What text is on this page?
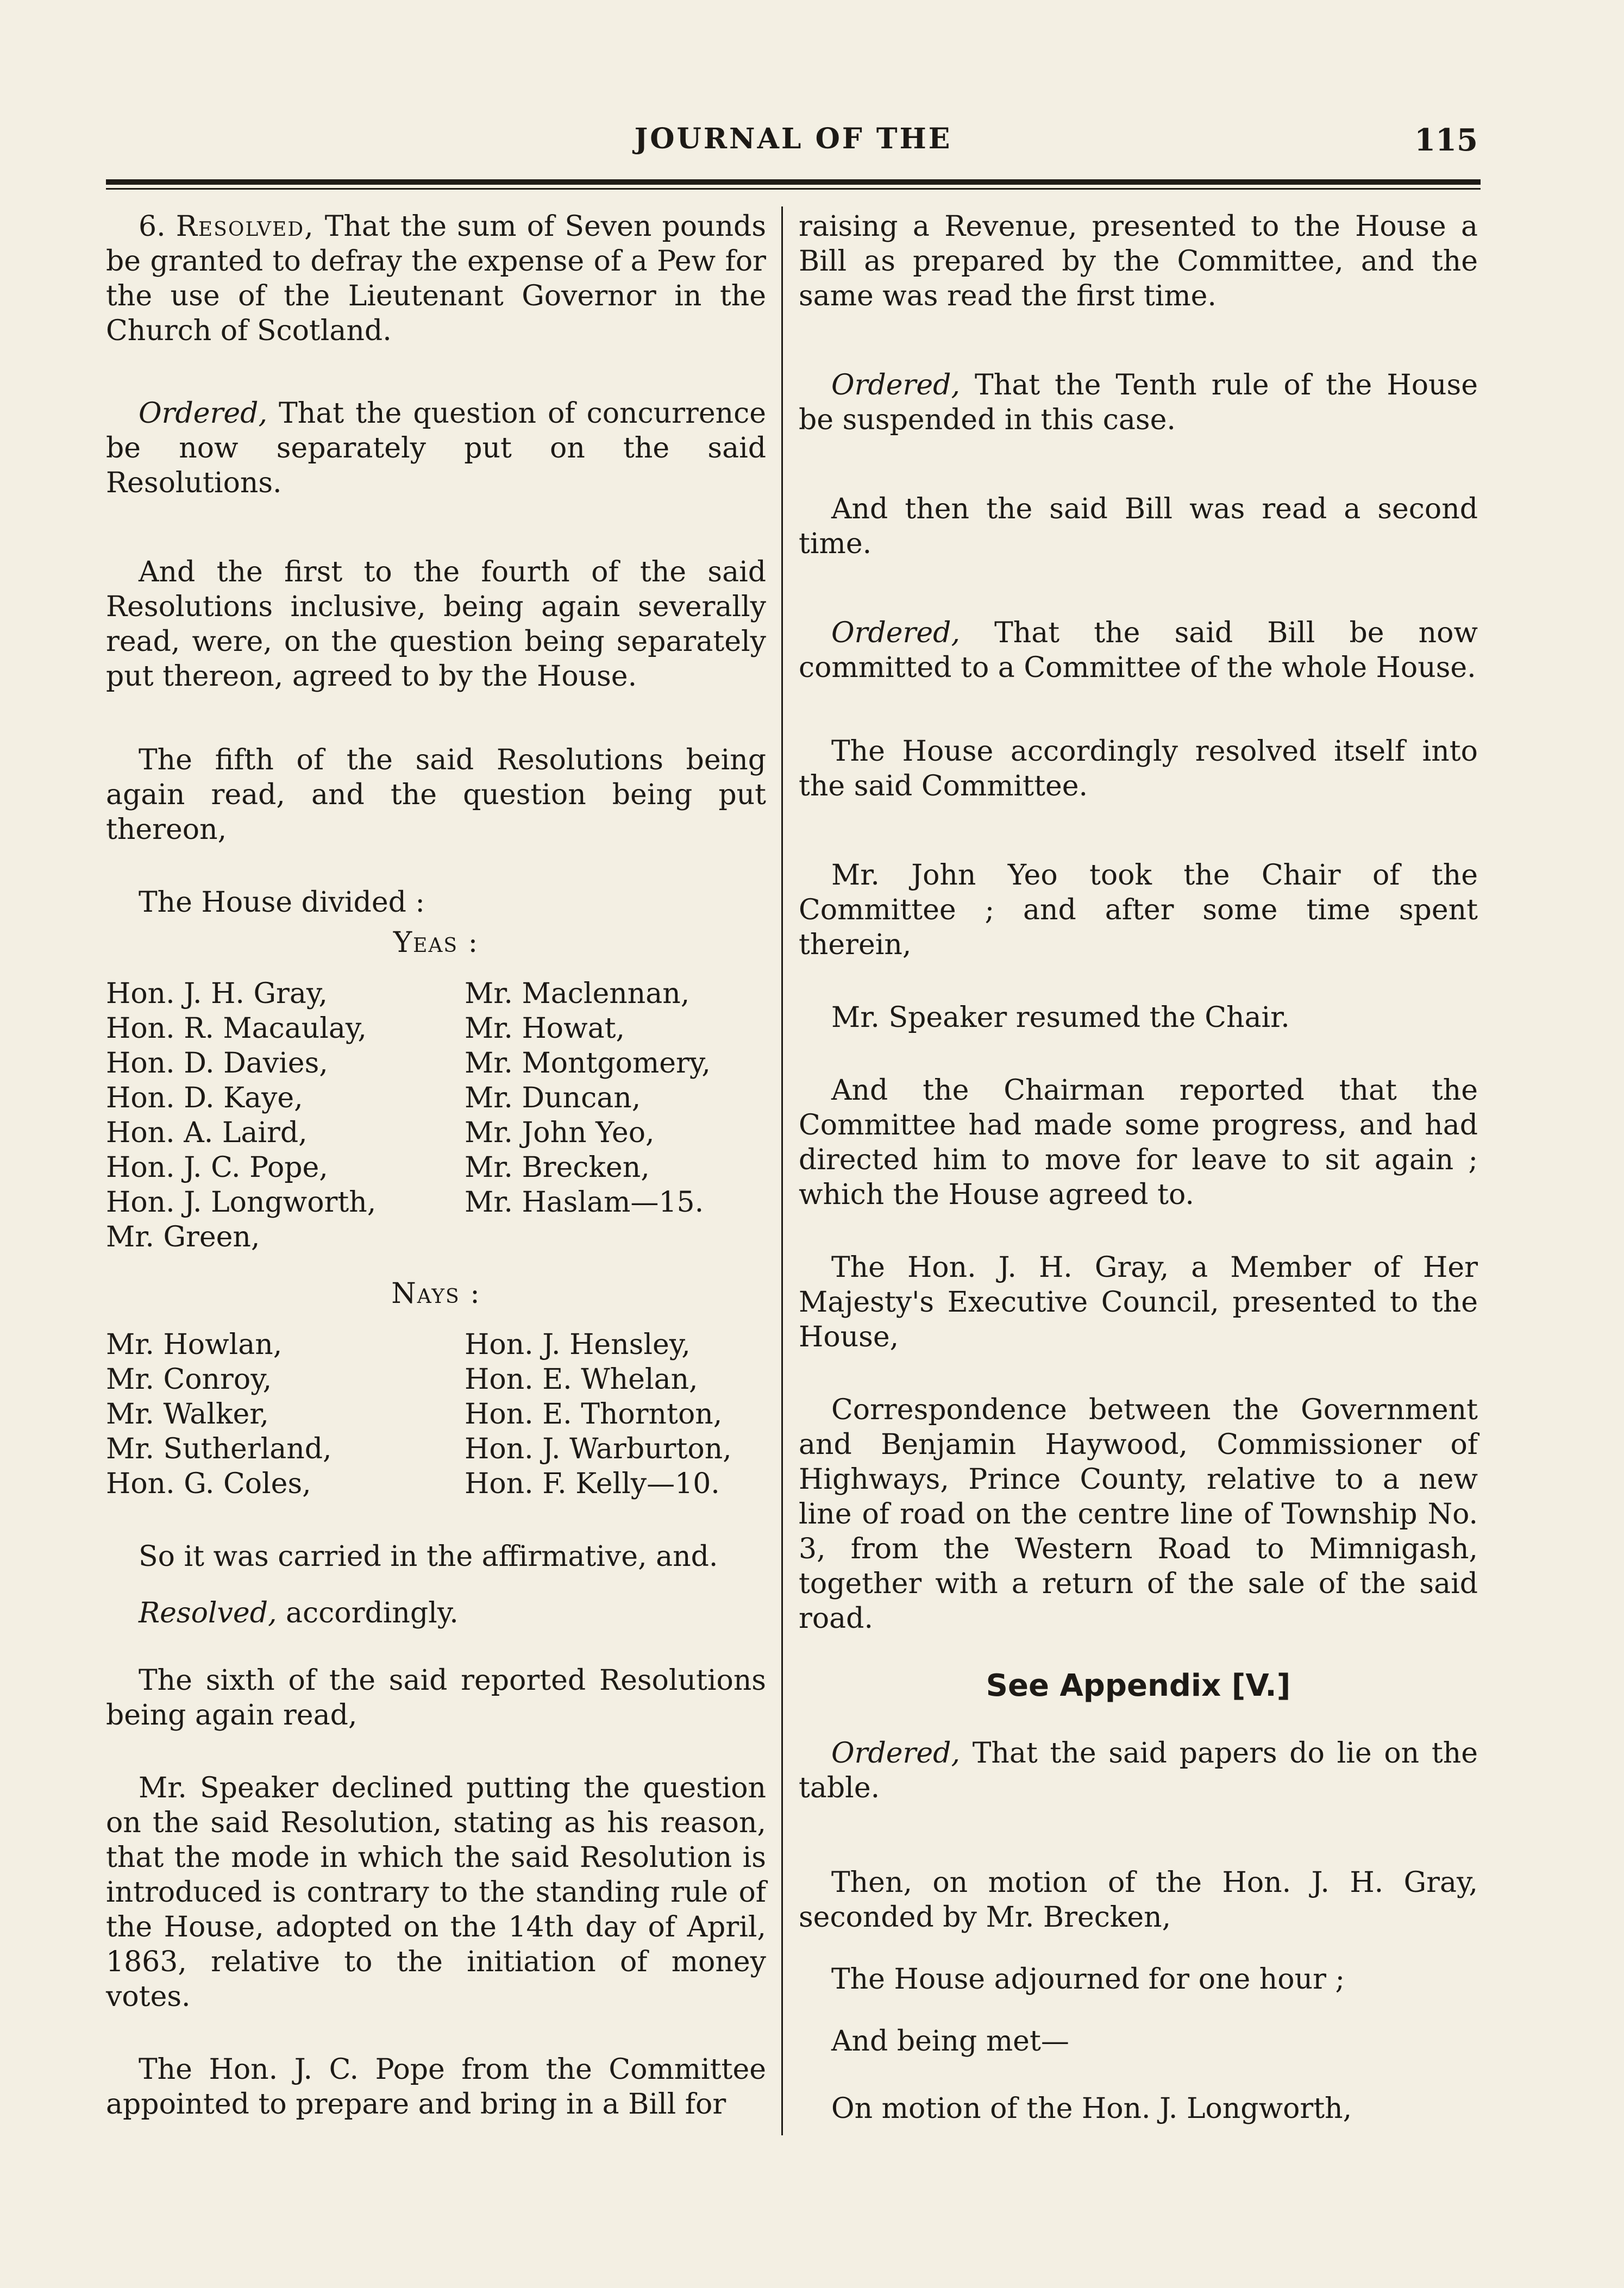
JOURNAL OF THE	115

6. Resolved, That the sum of Seven pounds be granted to defray the expense of a Pew for the use of the Lieutenant Governor in the Church of Scotland.

Ordered, That the question of concurrence be now separately put on the said Resolutions.

And the first to the fourth of the said Resolutions inclusive, being again severally read, were, on the question being separately put thereon, agreed to by the House.

The fifth of the said Resolutions being again read, and the question being put thereon,

The House divided :

Yeas :
Hon. J. H. Gray,	Mr. Maclennan,
Hon. R. Macaulay,	Mr. Howat,
Hon. D. Davies,	Mr. Montgomery,
Hon. D. Kaye,	Mr. Duncan,
Hon. A. Laird,	Mr. John Yeo,
Hon. J. C. Pope,	Mr. Brecken,
Hon. J. Longworth,	Mr. Haslam—15.
Mr. Green,
Nays :
Mr. Howlan,	Hon. J. Hensley,
Mr. Conroy,	Hon. E. Whelan,
Mr. Walker,	Hon. E. Thornton,
Mr. Sutherland,	Hon. J. Warburton,
Hon. G. Coles,	Hon. F. Kelly—10.

So it was carried in the affirmative, and.

Resolved, accordingly.

The sixth of the said reported Resolutions being again read,

Mr. Speaker declined putting the question on the said Resolution, stating as his reason, that the mode in which the said Resolution is introduced is contrary to the standing rule of the House, adopted on the 14th day of April, 1863, relative to the initiation of money votes.

The Hon. J. C. Pope from the Committee appointed to prepare and bring in a Bill for

raising a Revenue, presented to the House a Bill as prepared by the Committee, and the same was read the first time.

Ordered, That the Tenth rule of the House be suspended in this case.

And then the said Bill was read a second time.

Ordered, That the said Bill be now committed to a Committee of the whole House.

The House accordingly resolved itself into the said Committee.

Mr. John Yeo took the Chair of the Committee ; and after some time spent therein,

Mr. Speaker resumed the Chair.

And the Chairman reported that the Committee had made some progress, and had directed him to move for leave to sit again ; which the House agreed to.

The Hon. J. H. Gray, a Member of Her Majesty's Executive Council, presented to the House,

Correspondence between the Government and Benjamin Haywood, Commissioner of Highways, Prince County, relative to a new line of road on the centre line of Township No. 3, from the Western Road to Mimnigash, together with a return of the sale of the said road.

See Appendix [V.]

Ordered, That the said papers do lie on the table.

Then, on motion of the Hon. J. H. Gray, seconded by Mr. Brecken,

The House adjourned for one hour ;

And being met—

On motion of the Hon. J. Longworth,
